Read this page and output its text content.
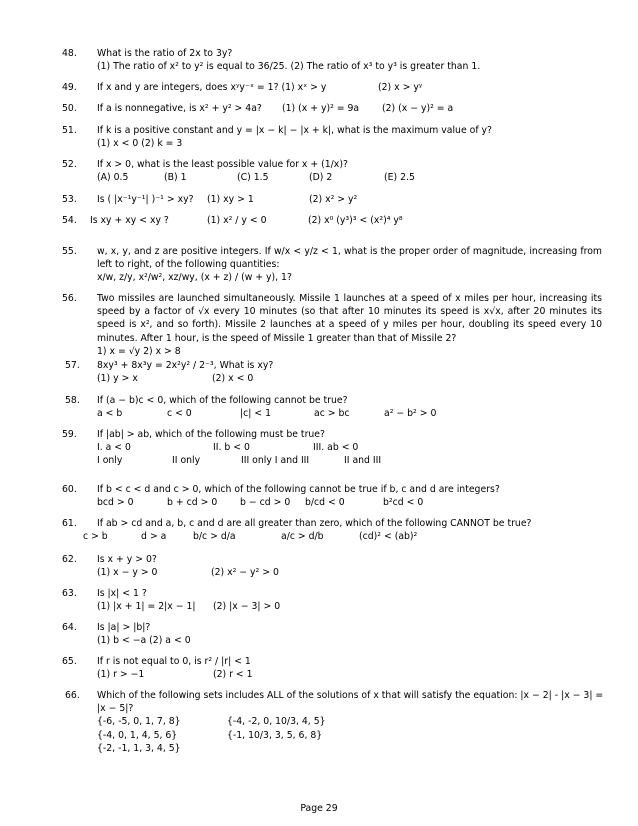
48.	What is the ratio of 2x to 3y?
(1) The ratio of x² to y² is equal to 36/25. (2) The ratio of x³ to y³ is greater than 1.
49.	If x and y are integers, does xʸy⁻ˣ = 1? (1) xˣ > y	(2) x > yʸ
50.	If a is nonnegative, is x² + y² > 4a? (1) (x + y)² = 9a (2) (x − y)² = a
51.	If k is a positive constant and y = |x − k| − |x + k|, what is the maximum value of y?
(1) x < 0 (2) k = 3
52.	If x > 0, what is the least possible value for x + (1/x)?
(A) 0.5	(B) 1	(C) 1.5	(D) 2	(E) 2.5
53.	Is ( |x⁻¹y⁻¹| )⁻¹ > xy? (1) xy > 1	(2) x² > y²
54.	Is xy + xy < xy ?	(1) x² / y < 0	(2) x⁰ (y³)³ < (x²)⁴ y⁸
55.	w, x, y, and z are positive integers. If w/x < y/z < 1, what is the proper order of magnitude, increasing from
left to right, of the following quantities:
x/w, z/y, x²/w², xz/wy, (x + z) / (w + y), 1?
56.	Two missiles are launched simultaneously. Missile 1 launches at a speed of x miles per hour, increasing its
speed by a factor of √x every 10 minutes (so that after 10 minutes its speed is x√x, after 20 minutes its
speed is x², and so forth). Missile 2 launches at a speed of y miles per hour, doubling its speed every 10
minutes. After 1 hour, is the speed of Missile 1 greater than that of Missile 2?
1) x = √y 2) x > 8
57.	8xy³ + 8x³y = 2x²y² / 2⁻³, What is xy?
(1) y > x	(2) x < 0
58.	If (a − b)c < 0, which of the following cannot be true?
a < b	c < 0	|c| < 1	ac > bc	a² − b² > 0
59.	If |ab| > ab, which of the following must be true?
I. a < 0	II. b < 0	III. ab < 0
I only	II only	III only I and III	II and III
60.	If b < c < d and c > 0, which of the following cannot be true if b, c and d are integers?
bcd > 0	b + cd > 0 b − cd > 0 b/cd < 0	b²cd < 0
61.	If ab > cd and a, b, c and d are all greater than zero, which of the following CANNOT be true?
c > b	d > a	b/c > d/a	a/c > d/b	(cd)² < (ab)²
62.	Is x + y > 0?
(1) x − y > 0	(2) x² − y² > 0
63.	Is |x| < 1 ?
(1) |x + 1| = 2|x − 1| (2) |x − 3| > 0
64.	Is |a| > |b|?
(1) b < −a (2) a < 0
65.	If r is not equal to 0, is r² / |r| < 1
(1) r > −1	(2) r < 1
66.	Which of the following sets includes ALL of the solutions of x that will satisfy the equation: |x − 2| - |x − 3| =
|x − 5|?
{-6, -5, 0, 1, 7, 8}	{-4, -2, 0, 10/3, 4, 5}
{-4, 0, 1, 4, 5, 6}	{-1, 10/3, 3, 5, 6, 8}
{-2, -1, 1, 3, 4, 5}
Page 29
